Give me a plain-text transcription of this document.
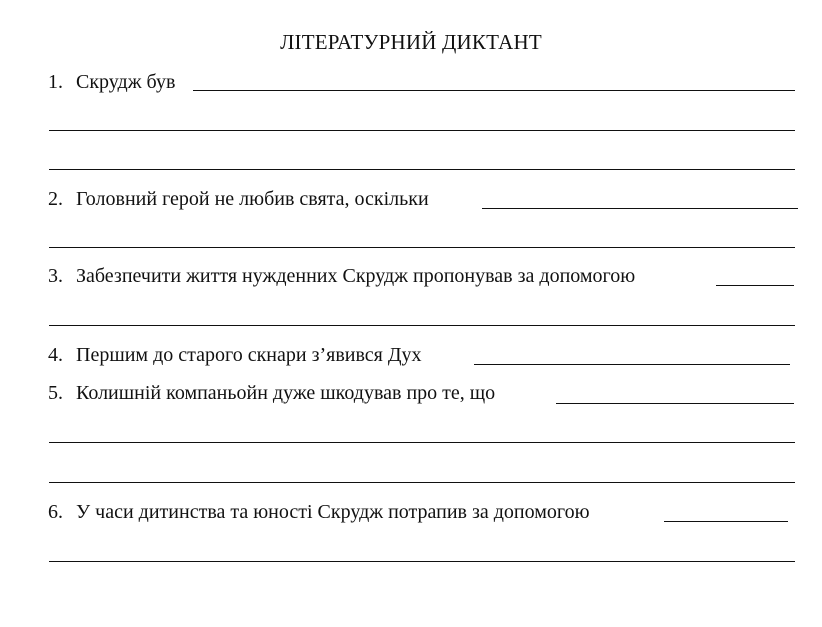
ЛІТЕРАТУРНИЙ ДИКТАНТ
1. Скрудж був
2. Головний герой не любив свята, оскільки
3. Забезпечити життя нужденних Скрудж пропонував за допомогою
4. Першим до старого скнари з’явився Дух
5. Колишній компаньойн дуже шкодував про те, що
6. У часи дитинства та юності Скрудж потрапив за допомогою
